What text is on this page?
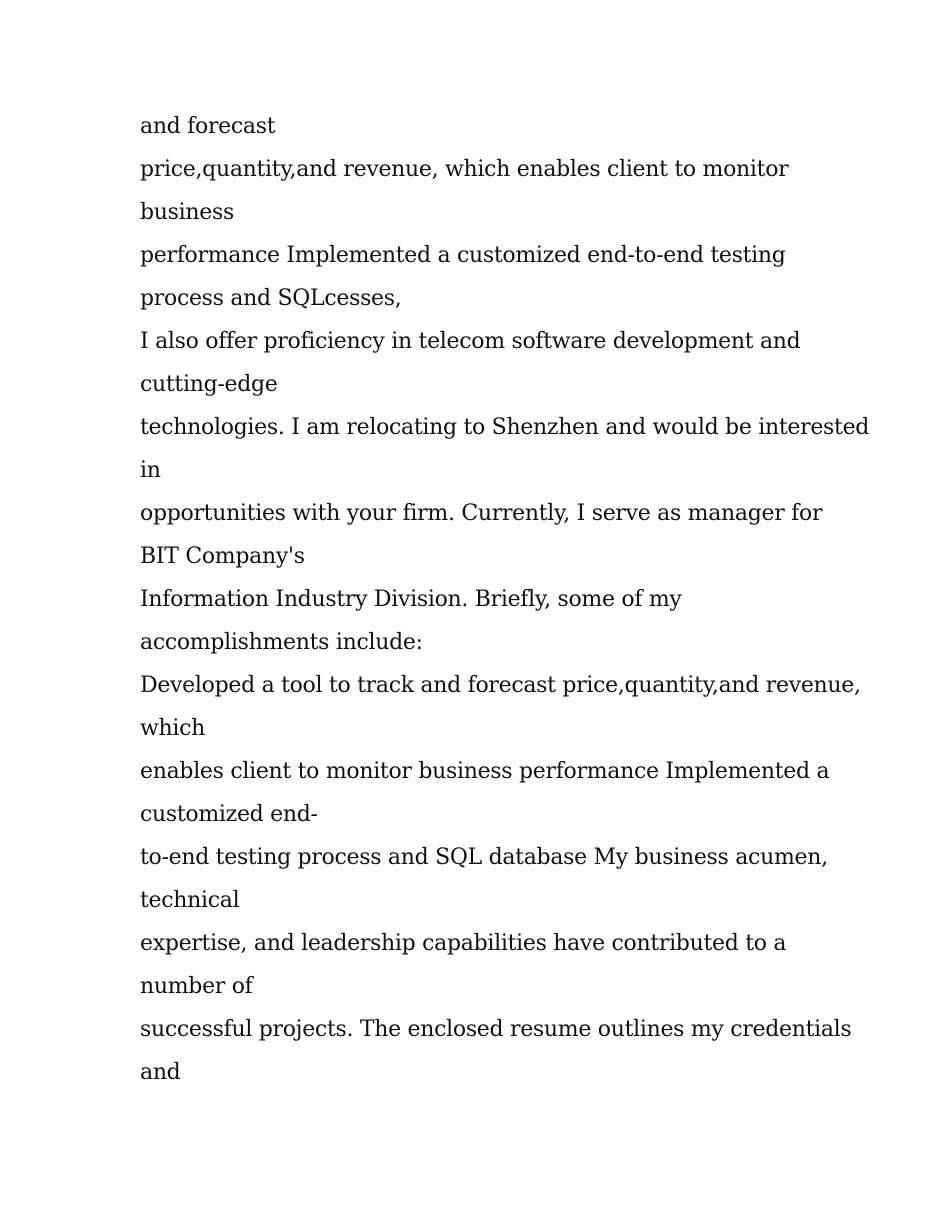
and forecast
price,quantity,and revenue, which enables client to monitor
business
performance Implemented a customized end-to-end testing
process and SQLcesses,
I also offer proficiency in telecom software development and
cutting-edge
technologies. I am relocating to Shenzhen and would be interested
in
opportunities with your firm. Currently, I serve as manager for
BIT Company's
Information Industry Division. Briefly, some of my
accomplishments include:
Developed a tool to track and forecast price,quantity,and revenue,
which
enables client to monitor business performance Implemented a
customized end-
to-end testing process and SQL database My business acumen,
technical
expertise, and leadership capabilities have contributed to a
number of
successful projects. The enclosed resume outlines my credentials
and
